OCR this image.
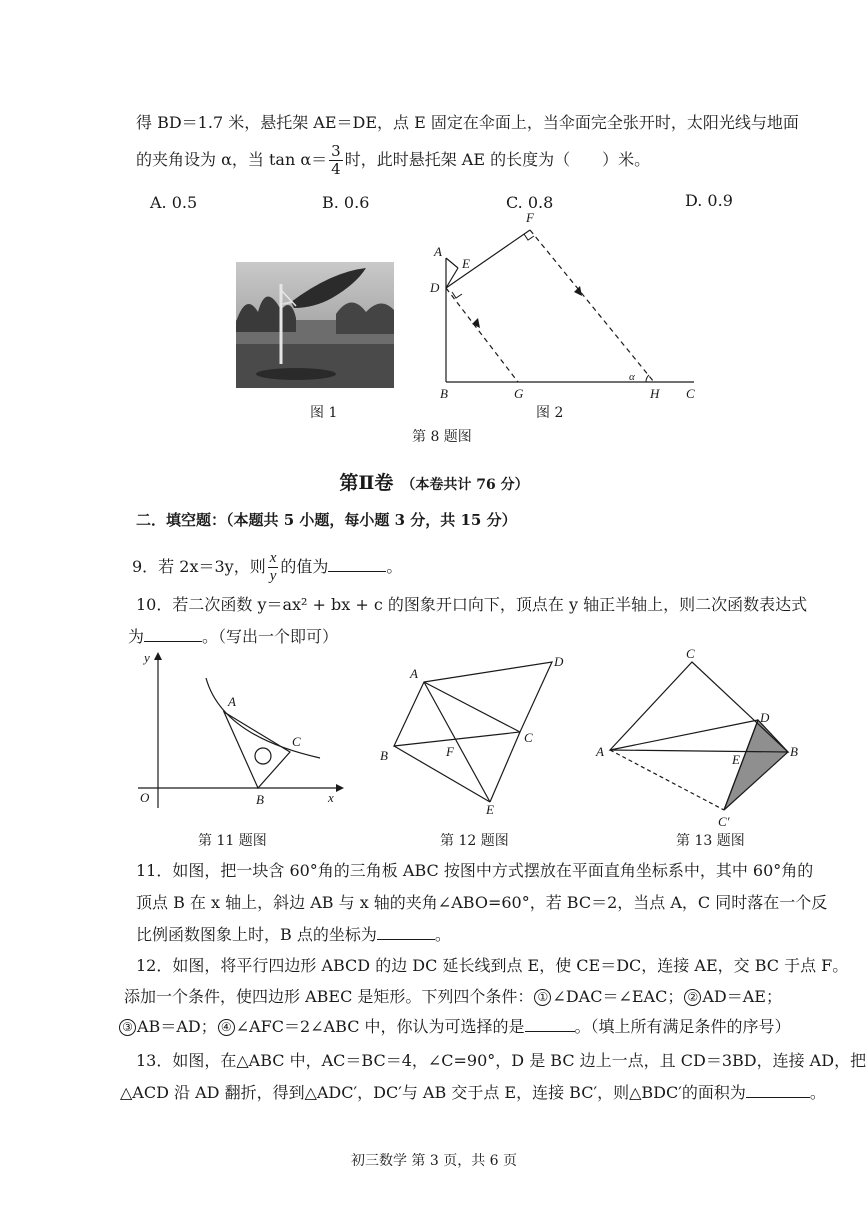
得 BD＝1.7 米，悬托架 AE＝DE，点 E 固定在伞面上，当伞面完全张开时，太阳光线与地面
的夹角设为 α，当 $\tan \alpha= \frac{3}{4}$ 时，此时悬托架 AE 的长度为（　　）米。
A. 0.5	B. 0.6	C. 0.8	D. 0.9
A
E
D
F
B	G	H C
α
图 1	图 2
第 8 题图
第Ⅱ卷 （本卷共计 76 分）
二．填空题：（本题共 5 小题，每小题 3 分，共 15 分）
9．若 2x＝3y，则 $\frac{x}{y}$ 的值为	。
10．若二次函数 y＝ax² + bx + c 的图象开口向下，顶点在 y 轴正半轴上，则二次函数表达式
为	。（写出一个即可）
y
x
O
A
C
B
A
D
C
B	F
E
C
D
A	B
E
C′
第 11 题图	第 12 题图	第 13 题图
11．如图，把一块含 60°角的三角板 ABC 按图中方式摆放在平面直角坐标系中，其中 60°角的
顶点 B 在 x 轴上，斜边 AB 与 x 轴的夹角∠ABO=60°，若 BC＝2，当点 A，C 同时落在一个反
比例函数图象上时，B 点的坐标为	。
12．如图，将平行四边形 ABCD 的边 DC 延长线到点 E，使 CE＝DC，连接 AE，交 BC 于点 F。
添加一个条件，使四边形 ABEC 是矩形。下列四个条件： ① ∠DAC＝∠EAC； ② AD＝AE；
③ AB＝AD； ④ ∠AFC＝2∠ABC 中，你认为可选择的是	。（填上所有满足条件的序号）
13．如图，在△ABC 中，AC＝BC＝4，∠C=90°，D 是 BC 边上一点，且 CD＝3BD，连接 AD，把
△ACD 沿 AD 翻折，得到△ADC′，DC′与 AB 交于点 E，连接 BC′，则△BDC′的面积为	。
初三数学 第 3 页，共 6 页
